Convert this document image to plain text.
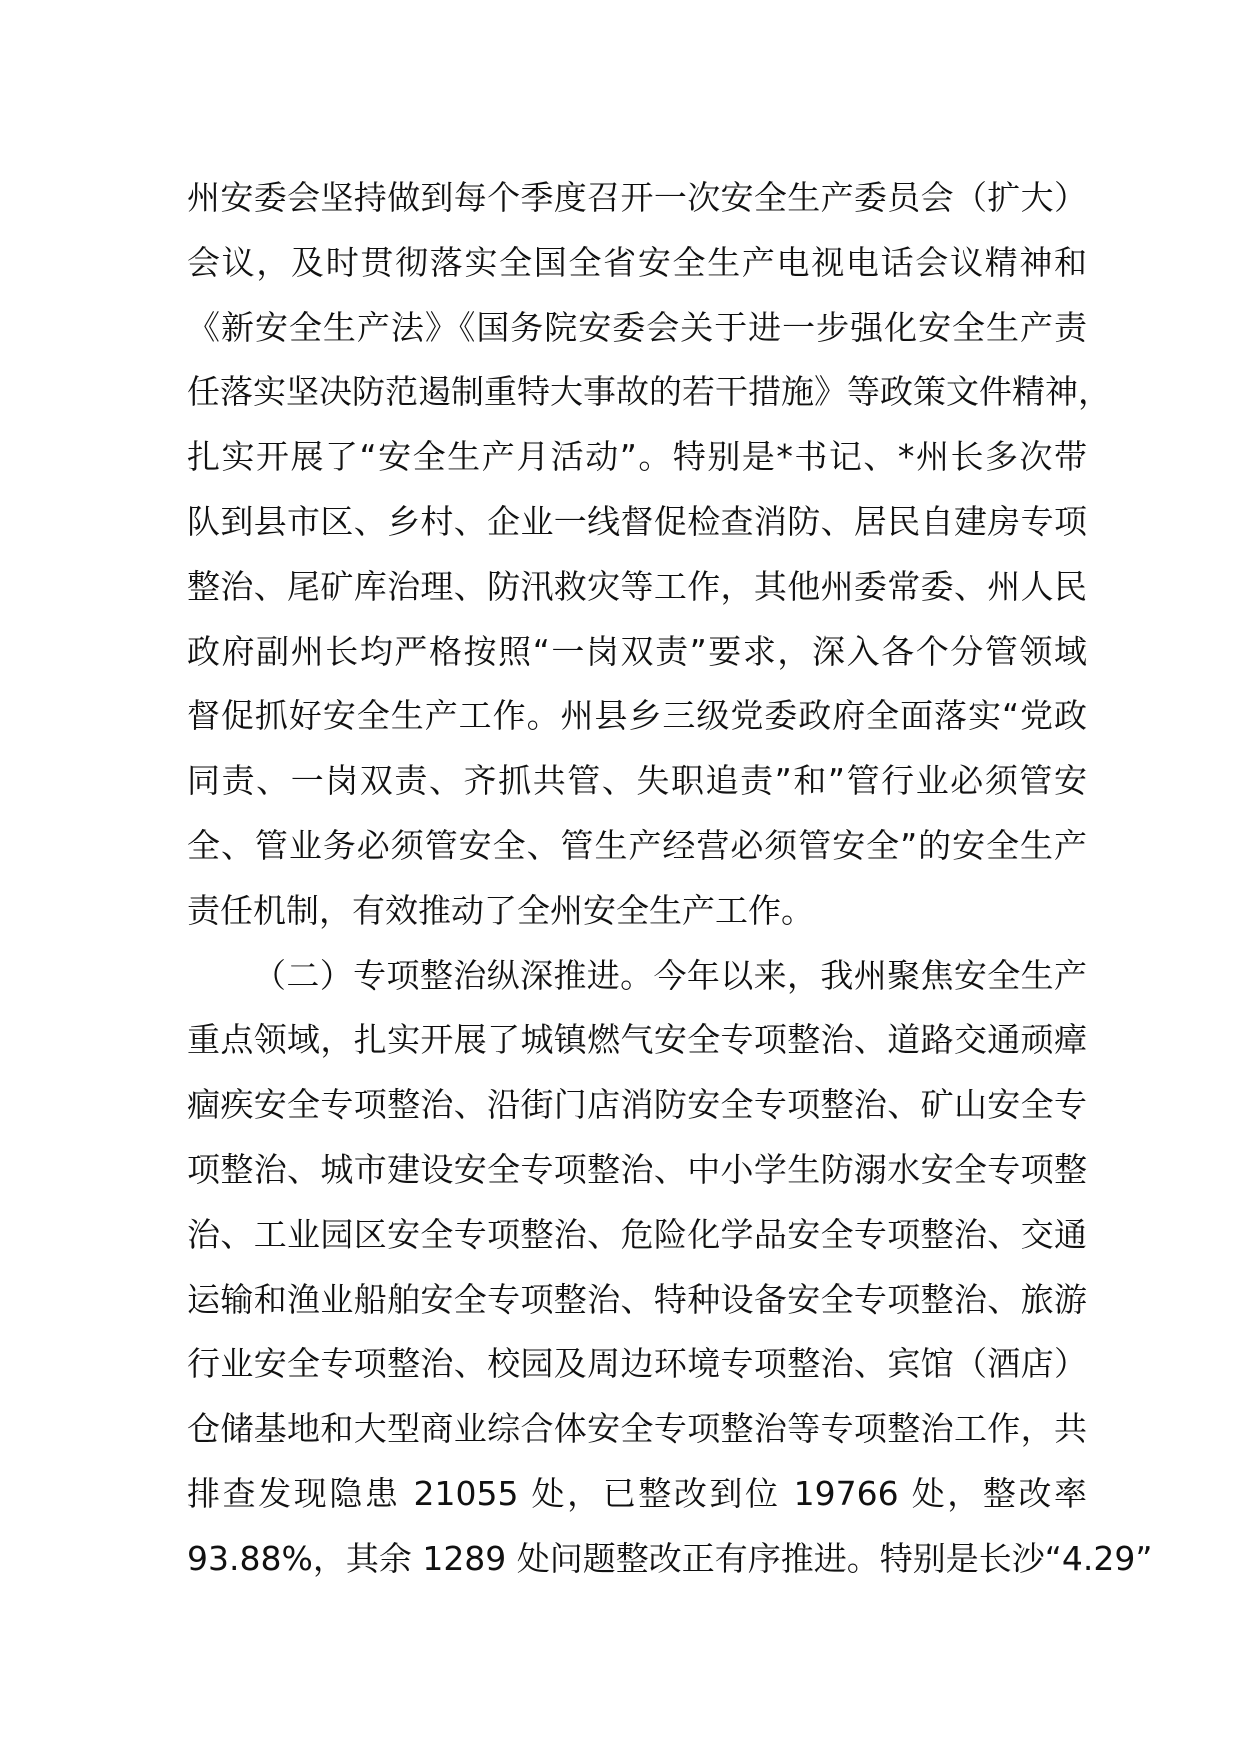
州安委会坚持做到每个季度召开一次安全生产委员会（扩大）
会议，及时贯彻落实全国全省安全生产电视电话会议精神和
《新安全生产法》《国务院安委会关于进一步强化安全生产责
任落实坚决防范遏制重特大事故的若干措施》等政策文件精神，
扎实开展了“安全生产月活动”。特别是*书记、*州长多次带
队到县市区、乡村、企业一线督促检查消防、居民自建房专项
整治、尾矿库治理、防汛救灾等工作，其他州委常委、州人民
政府副州长均严格按照“一岗双责”要求，深入各个分管领域
督促抓好安全生产工作。州县乡三级党委政府全面落实“党政
同责、一岗双责、齐抓共管、失职追责”和”管行业必须管安
全、管业务必须管安全、管生产经营必须管安全”的安全生产
责任机制，有效推动了全州安全生产工作。
（二）专项整治纵深推进。今年以来，我州聚焦安全生产
重点领域，扎实开展了城镇燃气安全专项整治、道路交通顽瘴
痼疾安全专项整治、沿街门店消防安全专项整治、矿山安全专
项整治、城市建设安全专项整治、中小学生防溺水安全专项整
治、工业园区安全专项整治、危险化学品安全专项整治、交通
运输和渔业船舶安全专项整治、特种设备安全专项整治、旅游
行业安全专项整治、校园及周边环境专项整治、宾馆（酒店）
仓储基地和大型商业综合体安全专项整治等专项整治工作，共
排查发现隐患 21055 处，已整改到位 19766 处，整改率
93.88%，其余 1289 处问题整改正有序推进。特别是长沙“4.29”
